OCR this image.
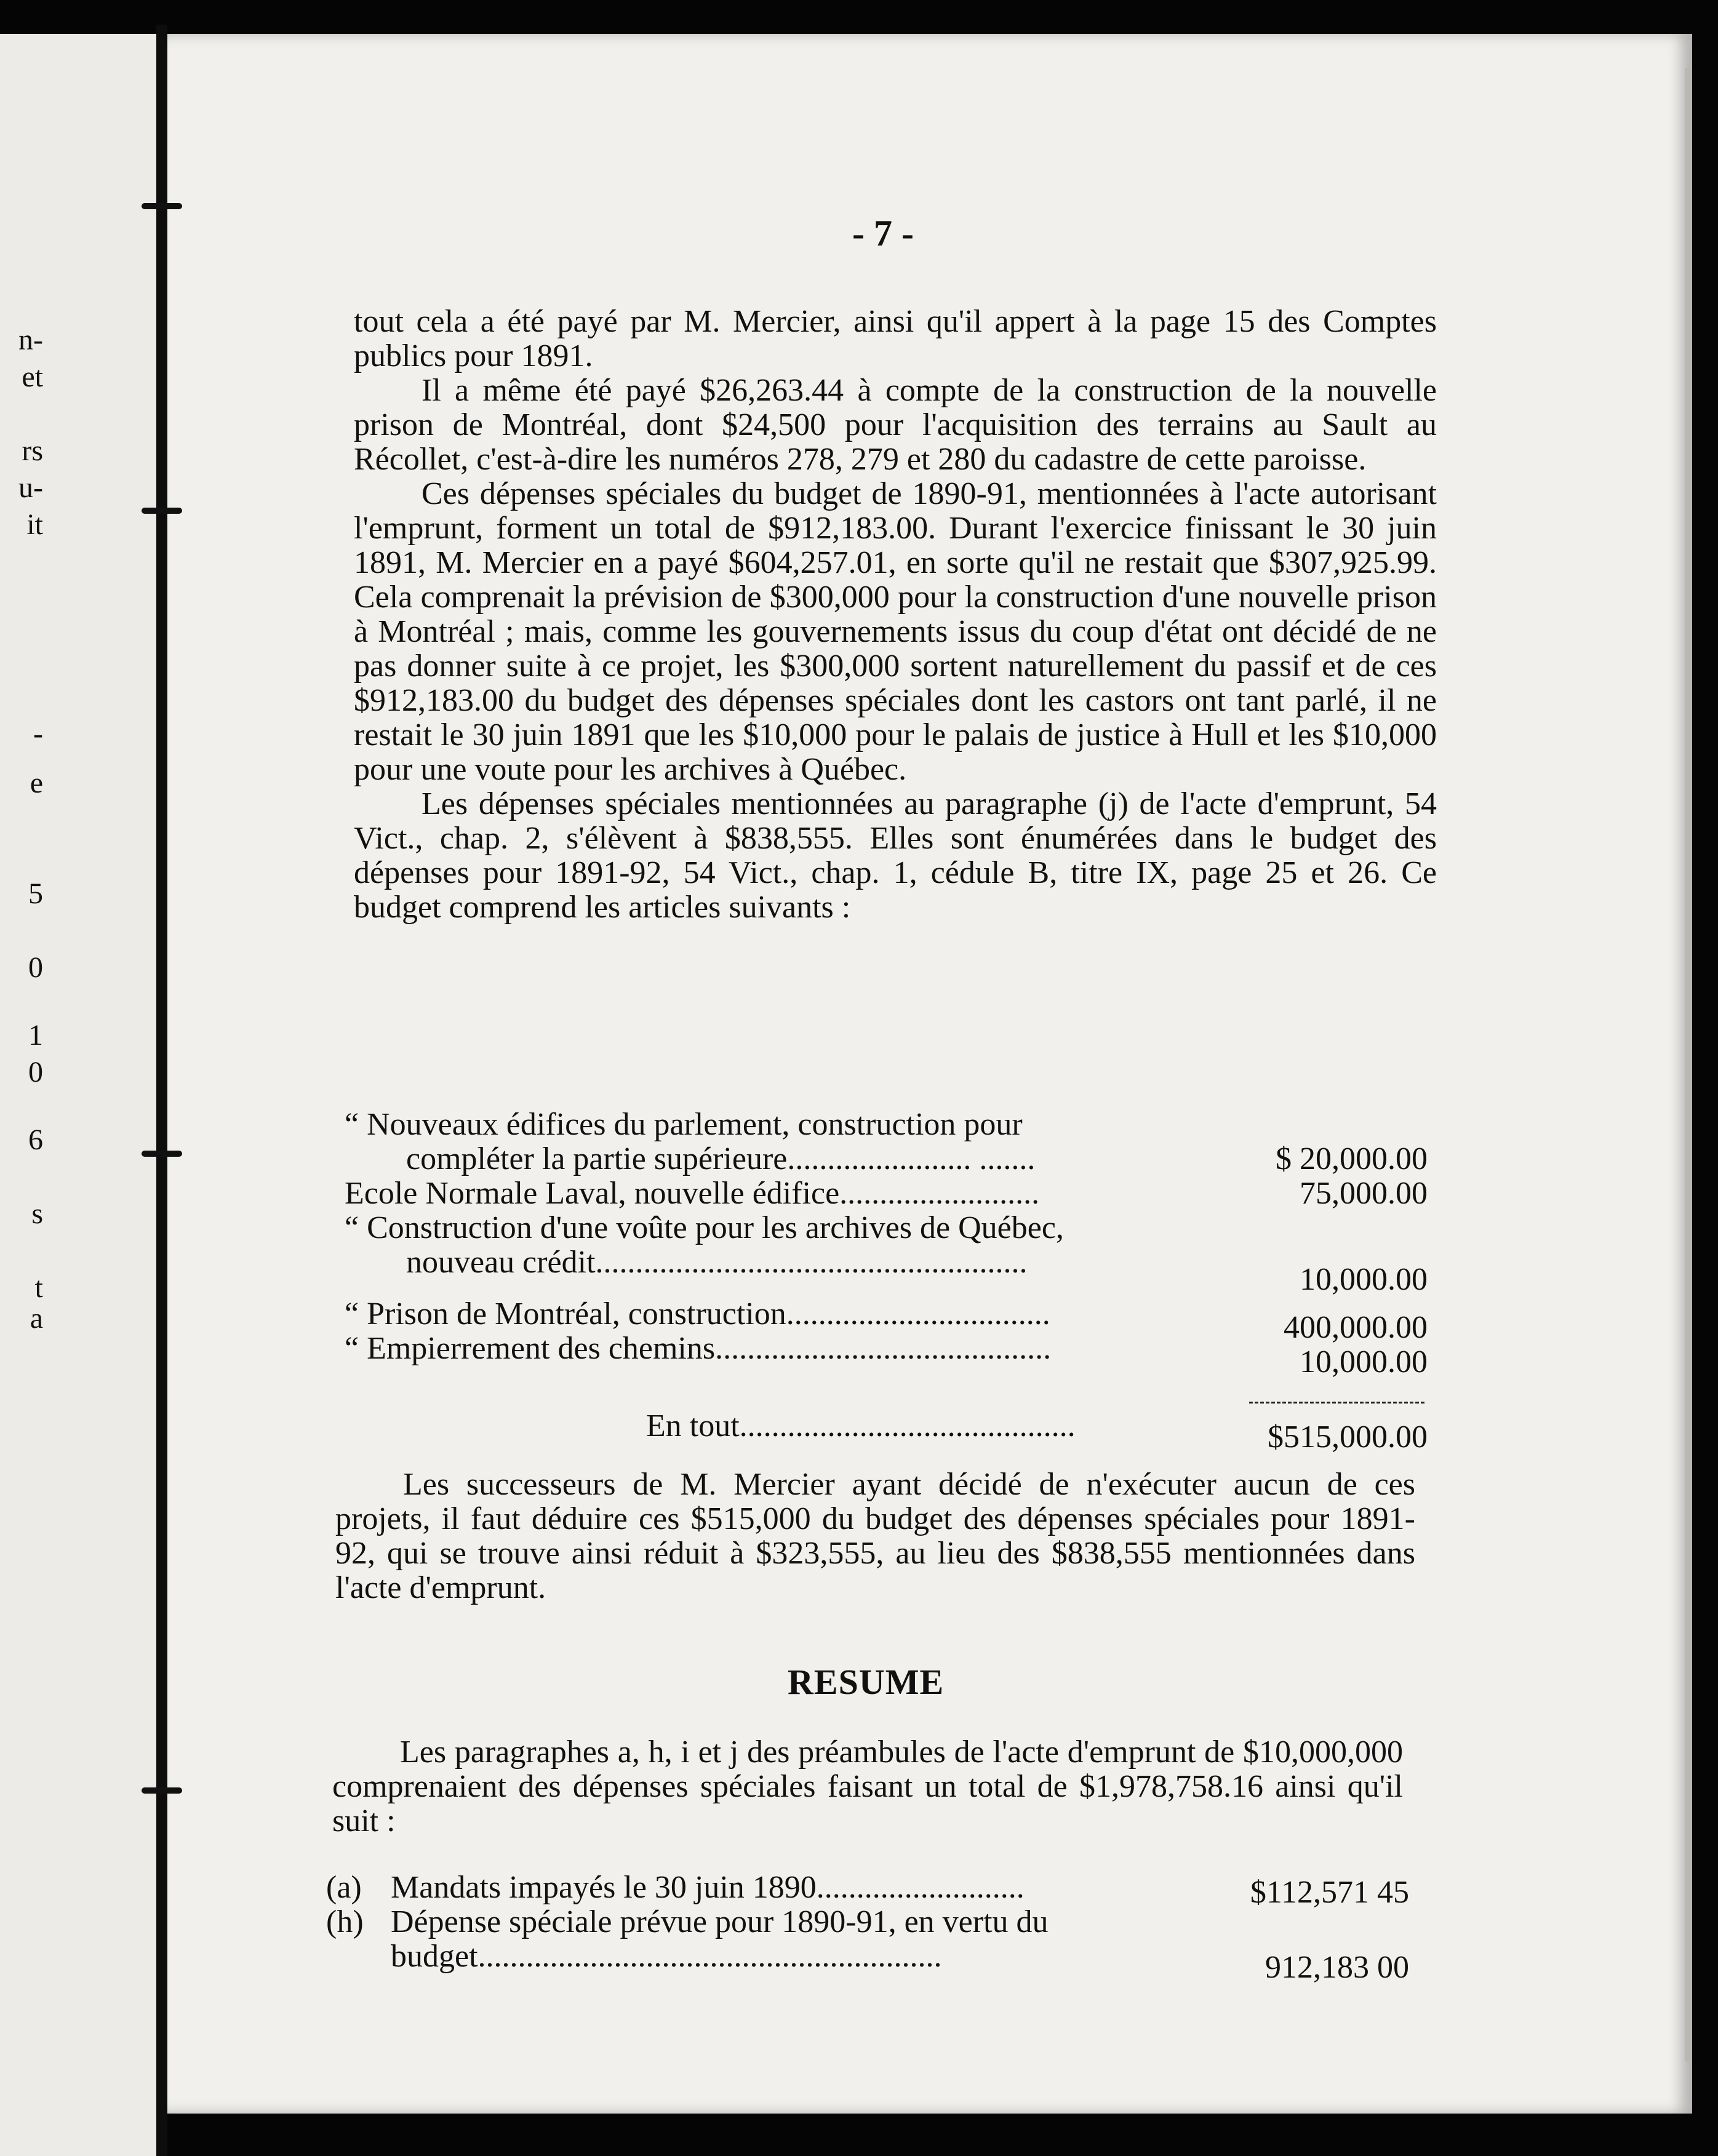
n-
et
rs
u-
it
-
e
5
0
1
0
6
s
t
a
- 7 -

tout cela a été payé par M. Mercier, ainsi qu'il appert à la page 15 des Comptes publics pour 1891.

Il a même été payé $26,263.44 à compte de la construction de la nouvelle prison de Montréal, dont $24,500 pour l'acquisition des terrains au Sault au Récollet, c'est-à-dire les numéros 278, 279 et 280 du cadastre de cette paroisse.

Ces dépenses spéciales du budget de 1890-91, mentionnées à l'acte autorisant l'emprunt, forment un total de $912,183.00. Durant l'exercice finissant le 30 juin 1891, M. Mercier en a payé $604,257.01, en sorte qu'il ne restait que $307,925.99. Cela comprenait la prévision de $300,000 pour la construction d'une nouvelle prison à Montréal ; mais, comme les gouvernements issus du coup d'état ont décidé de ne pas donner suite à ce projet, les $300,000 sortent naturellement du passif et de ces $912,183.00 du budget des dépenses spéciales dont les castors ont tant parlé, il ne restait le 30 juin 1891 que les $10,000 pour le palais de justice à Hull et les $10,000 pour une voute pour les archives à Québec.

Les dépenses spéciales mentionnées au paragraphe (j) de l'acte d'emprunt, 54 Vict., chap. 2, s'élèvent à $838,555. Elles sont énumérées dans le budget des dépenses pour 1891-92, 54 Vict., chap. 1, cédule B, titre IX, page 25 et 26. Ce budget comprend les articles suivants :

“ Nouveaux édifices du parlement, construction pour
compléter la partie supérieure....................... .......	$ 20,000.00
Ecole Normale Laval, nouvelle édifice.........................	75,000.00
“ Construction d'une voûte pour les archives de Québec,
nouveau crédit......................................................	10,000.00
“ Prison de Montréal, construction.................................	400,000.00
“ Empierrement des chemins..........................................	10,000.00
En tout..........................................	$515,000.00

Les successeurs de M. Mercier ayant décidé de n'exécuter aucun de ces projets, il faut déduire ces $515,000 du budget des dépenses spéciales pour 1891-92, qui se trouve ainsi réduit à $323,555, au lieu des $838,555 mentionnées dans l'acte d'emprunt.

RESUME

Les paragraphes a, h, i et j des préambules de l'acte d'emprunt de $10,000,000 comprenaient des dépenses spéciales faisant un total de $1,978,758.16 ainsi qu'il suit :

(a) Mandats impayés le 30 juin 1890..........................	$112,571 45
(h) Dépense spéciale prévue pour 1890-91, en vertu du
budget..........................................................	912,183 00
